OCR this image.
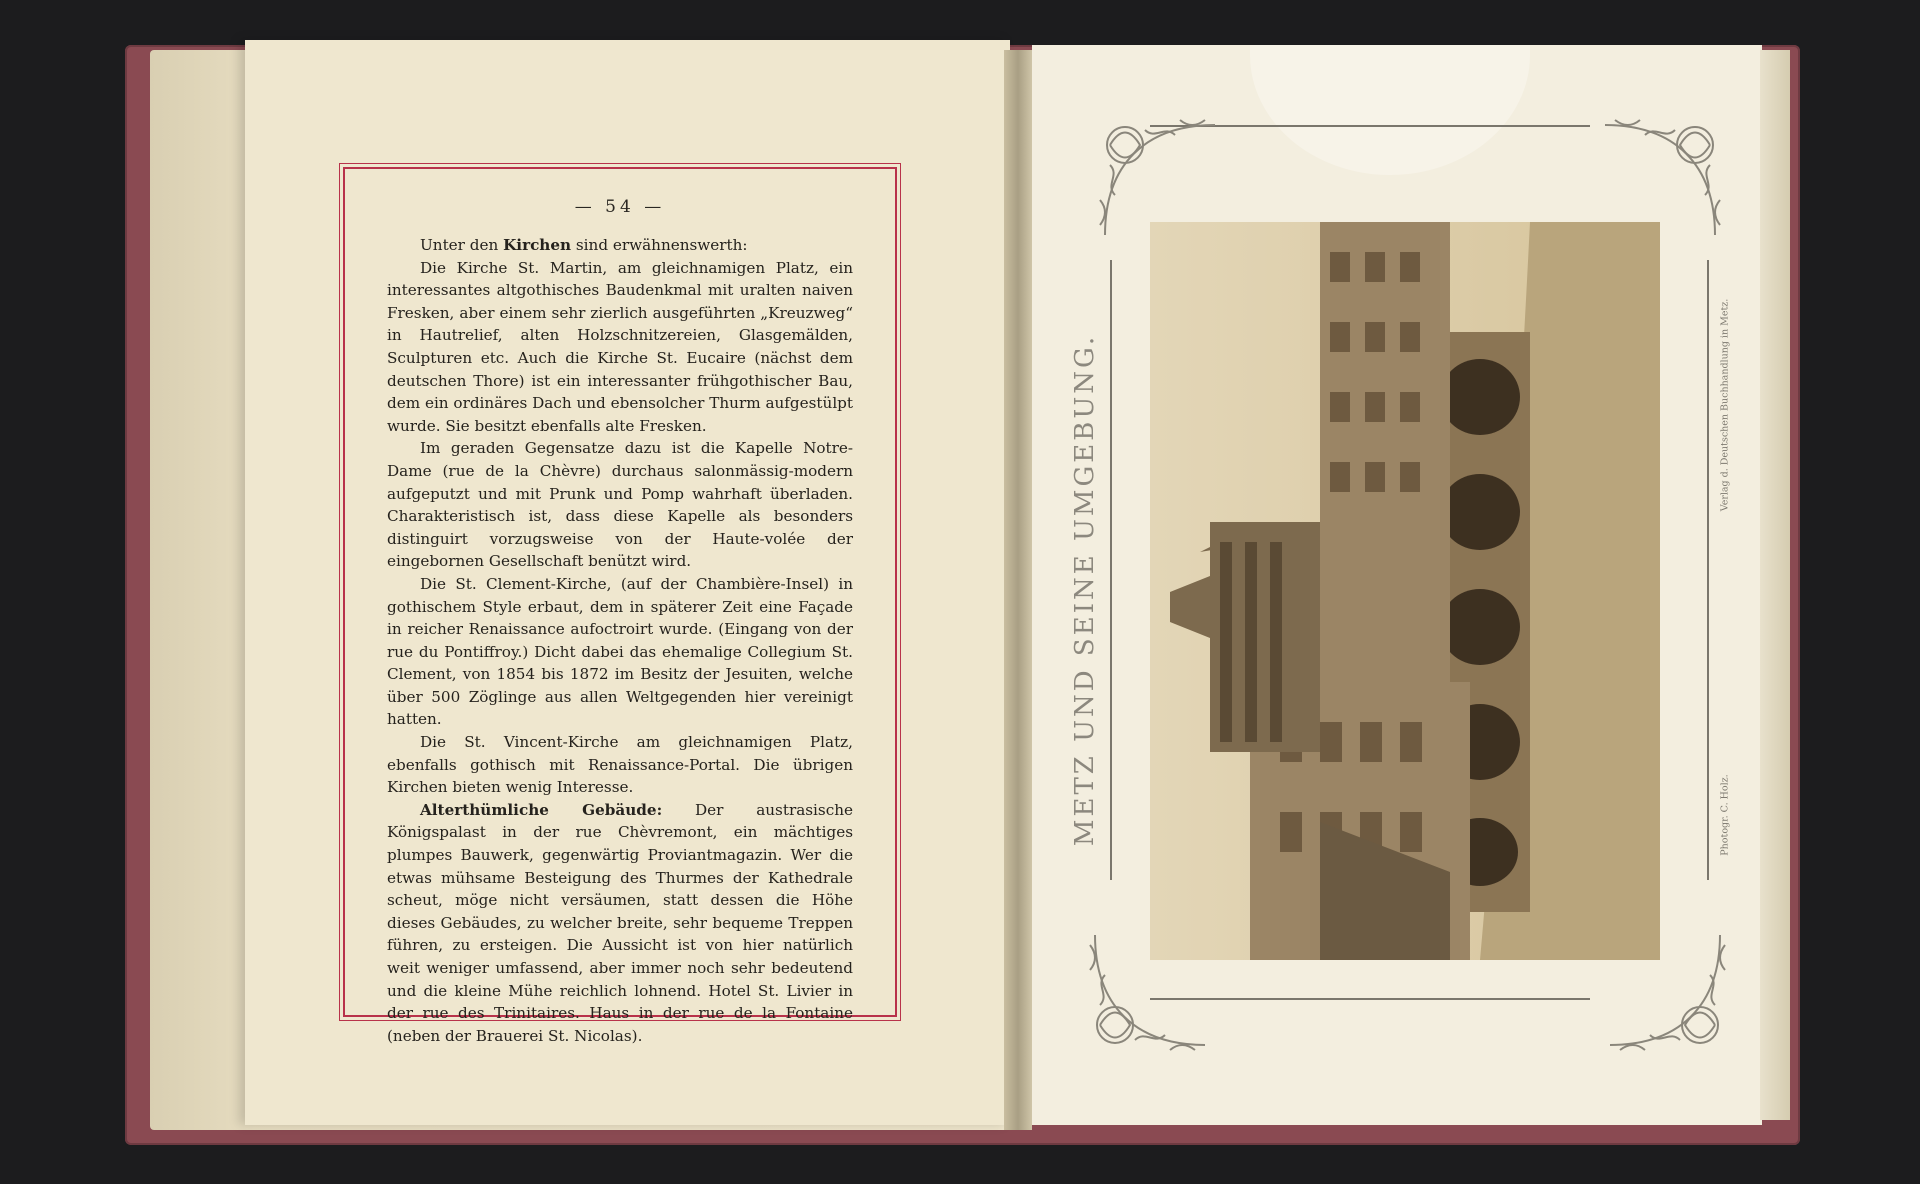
— 54 —

Unter den Kirchen sind erwähnenswerth:

Die Kirche St. Martin, am gleichnamigen Platz, ein interessantes altgothisches Baudenkmal mit uralten naiven Fresken, aber einem sehr zierlich ausgeführten „Kreuzweg“ in Hautrelief, alten Holzschnitzereien, Glasgemälden, Sculpturen etc. Auch die Kirche St. Eucaire (nächst dem deutschen Thore) ist ein interessanter frühgothischer Bau, dem ein ordinäres Dach und ebensolcher Thurm aufgestülpt wurde. Sie besitzt ebenfalls alte Fresken.

Im geraden Gegensatze dazu ist die Kapelle Notre-Dame (rue de la Chèvre) durchaus salonmässig-modern aufgeputzt und mit Prunk und Pomp wahrhaft überladen. Charakteristisch ist, dass diese Kapelle als besonders distinguirt vorzugsweise von der Haute-volée der eingebornen Gesellschaft benützt wird.

Die St. Clement-Kirche, (auf der Chambière-Insel) in gothischem Style erbaut, dem in späterer Zeit eine Façade in reicher Renaissance aufoctroirt wurde. (Eingang von der rue du Pontiffroy.) Dicht dabei das ehemalige Collegium St. Clement, von 1854 bis 1872 im Besitz der Jesuiten, welche über 500 Zöglinge aus allen Weltgegenden hier vereinigt hatten.

Die St. Vincent-Kirche am gleichnamigen Platz, ebenfalls gothisch mit Renaissance-Portal. Die übrigen Kirchen bieten wenig Interesse.

Alterthümliche Gebäude: Der austrasische Königspalast in der rue Chèvremont, ein mächtiges plumpes Bauwerk, gegenwärtig Proviantmagazin. Wer die etwas mühsame Besteigung des Thurmes der Kathedrale scheut, möge nicht versäumen, statt dessen die Höhe dieses Gebäudes, zu welcher breite, sehr bequeme Treppen führen, zu ersteigen. Die Aussicht ist von hier natürlich weit weniger umfassend, aber immer noch sehr bedeutend und die kleine Mühe reichlich lohnend. Hotel St. Livier in der rue des Trinitaires. Haus in der rue de la Fontaine (neben der Brauerei St. Nicolas).

METZ UND SEINE UMGEBUNG.	Photogr. C. Holz.
Verlag d. Deutschen Buchhandlung in Metz.
